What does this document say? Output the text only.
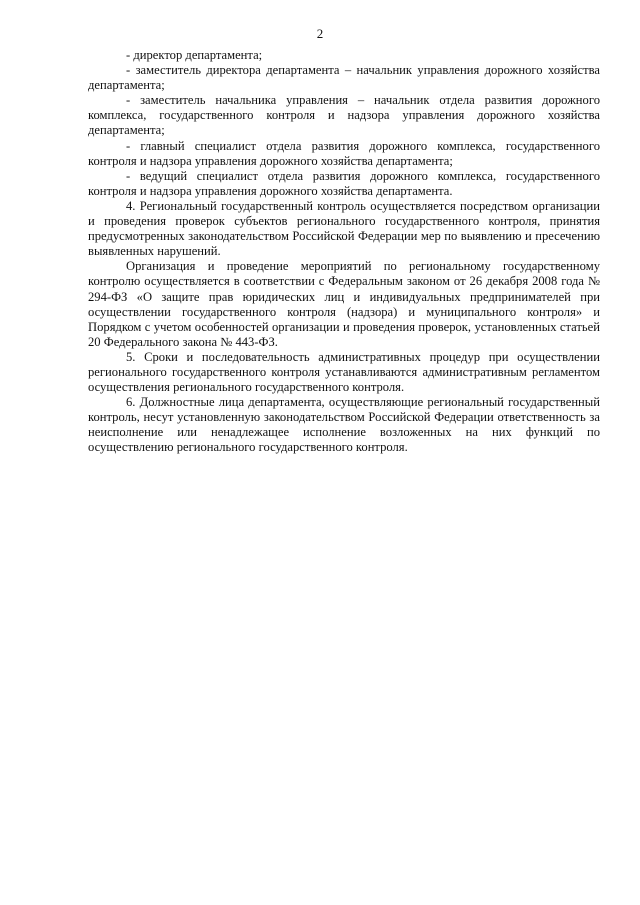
2

- директор департамента;

- заместитель директора департамента – начальник управления дорожного хозяйства департамента;

- заместитель начальника управления – начальник отдела развития дорожного комплекса, государственного контроля и надзора управления дорожного хозяйства департамента;

- главный специалист отдела развития дорожного комплекса, государственного контроля и надзора управления дорожного хозяйства департамента;

- ведущий специалист отдела развития дорожного комплекса, государственного контроля и надзора управления дорожного хозяйства департамента.

4. Региональный государственный контроль осуществляется посредством организации и проведения проверок субъектов регионального государственного контроля, принятия предусмотренных законодательством Российской Федерации мер по выявлению и пресечению выявленных нарушений.

Организация и проведение мероприятий по региональному государственному контролю осуществляется в соответствии с Федеральным законом от 26 декабря 2008 года № 294-ФЗ «О защите прав юридических лиц и индивидуальных предпринимателей при осуществлении государственного контроля (надзора) и муниципального контроля» и Порядком с учетом особенностей организации и проведения проверок, установленных статьей 20 Федерального закона № 443-ФЗ.

5. Сроки и последовательность административных процедур при осуществлении регионального государственного контроля устанавливаются административным регламентом осуществления регионального государственного контроля.

6. Должностные лица департамента, осуществляющие региональный государственный контроль, несут установленную законодательством Российской Федерации ответственность за неисполнение или ненадлежащее исполнение возложенных на них функций по осуществлению регионального государственного контроля.
